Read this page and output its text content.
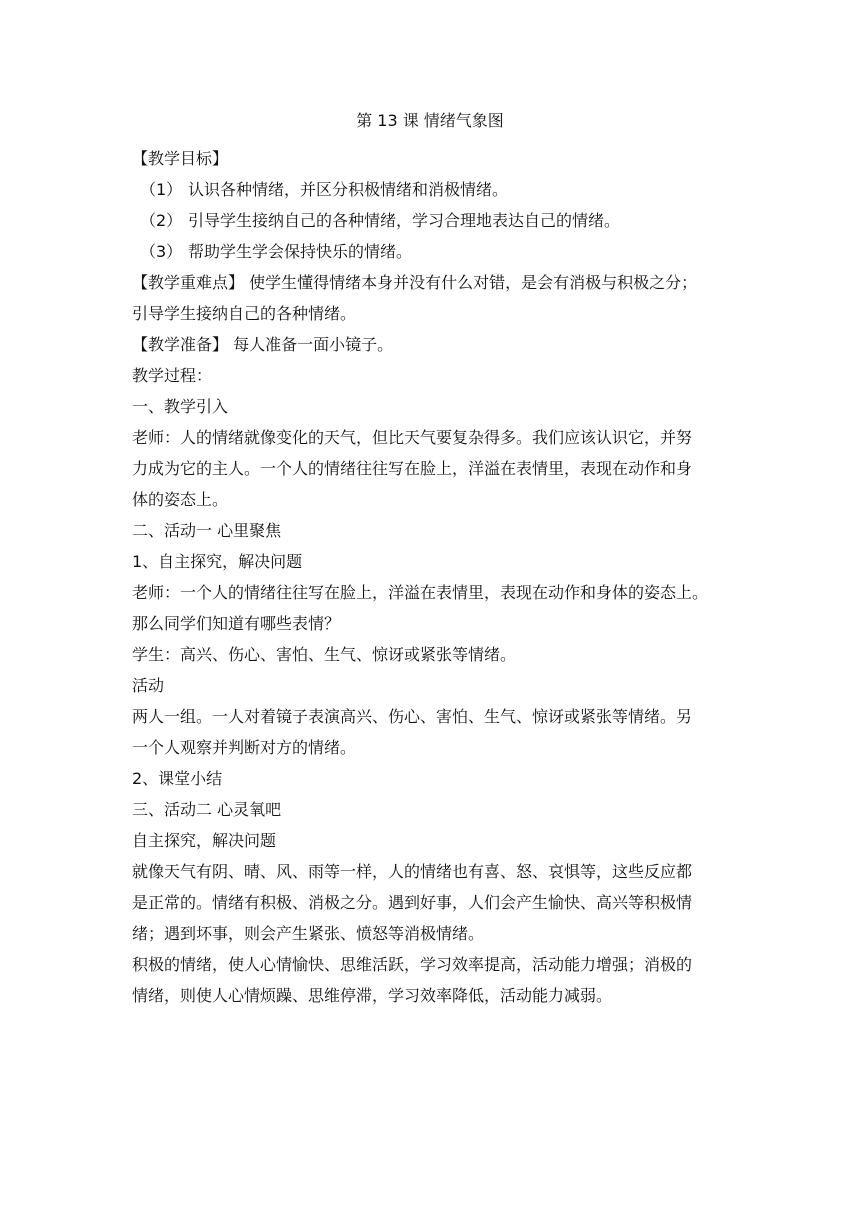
第 13 课 情绪气象图
【教学目标】
（1） 认识各种情绪，并区分积极情绪和消极情绪。
（2） 引导学生接纳自己的各种情绪，学习合理地表达自己的情绪。
（3） 帮助学生学会保持快乐的情绪。
【教学重难点】 使学生懂得情绪本身并没有什么对错，是会有消极与积极之分；
引导学生接纳自己的各种情绪。
【教学准备】 每人准备一面小镜子。
教学过程：
一、教学引入
老师：人的情绪就像变化的天气，但比天气要复杂得多。我们应该认识它，并努
力成为它的主人。一个人的情绪往往写在脸上，洋溢在表情里，表现在动作和身
体的姿态上。
二、活动一 心里聚焦
1、自主探究，解决问题
老师：一个人的情绪往往写在脸上，洋溢在表情里，表现在动作和身体的姿态上。
那么同学们知道有哪些表情？
学生：高兴、伤心、害怕、生气、惊讶或紧张等情绪。
活动
两人一组。一人对着镜子表演高兴、伤心、害怕、生气、惊讶或紧张等情绪。另
一个人观察并判断对方的情绪。
2、课堂小结
三、活动二 心灵氧吧
自主探究，解决问题
就像天气有阴、晴、风、雨等一样，人的情绪也有喜、怒、哀惧等，这些反应都
是正常的。情绪有积极、消极之分。遇到好事，人们会产生愉快、高兴等积极情
绪；遇到坏事，则会产生紧张、愤怒等消极情绪。
积极的情绪，使人心情愉快、思维活跃，学习效率提高，活动能力增强；消极的
情绪，则使人心情烦躁、思维停滞，学习效率降低，活动能力减弱。
